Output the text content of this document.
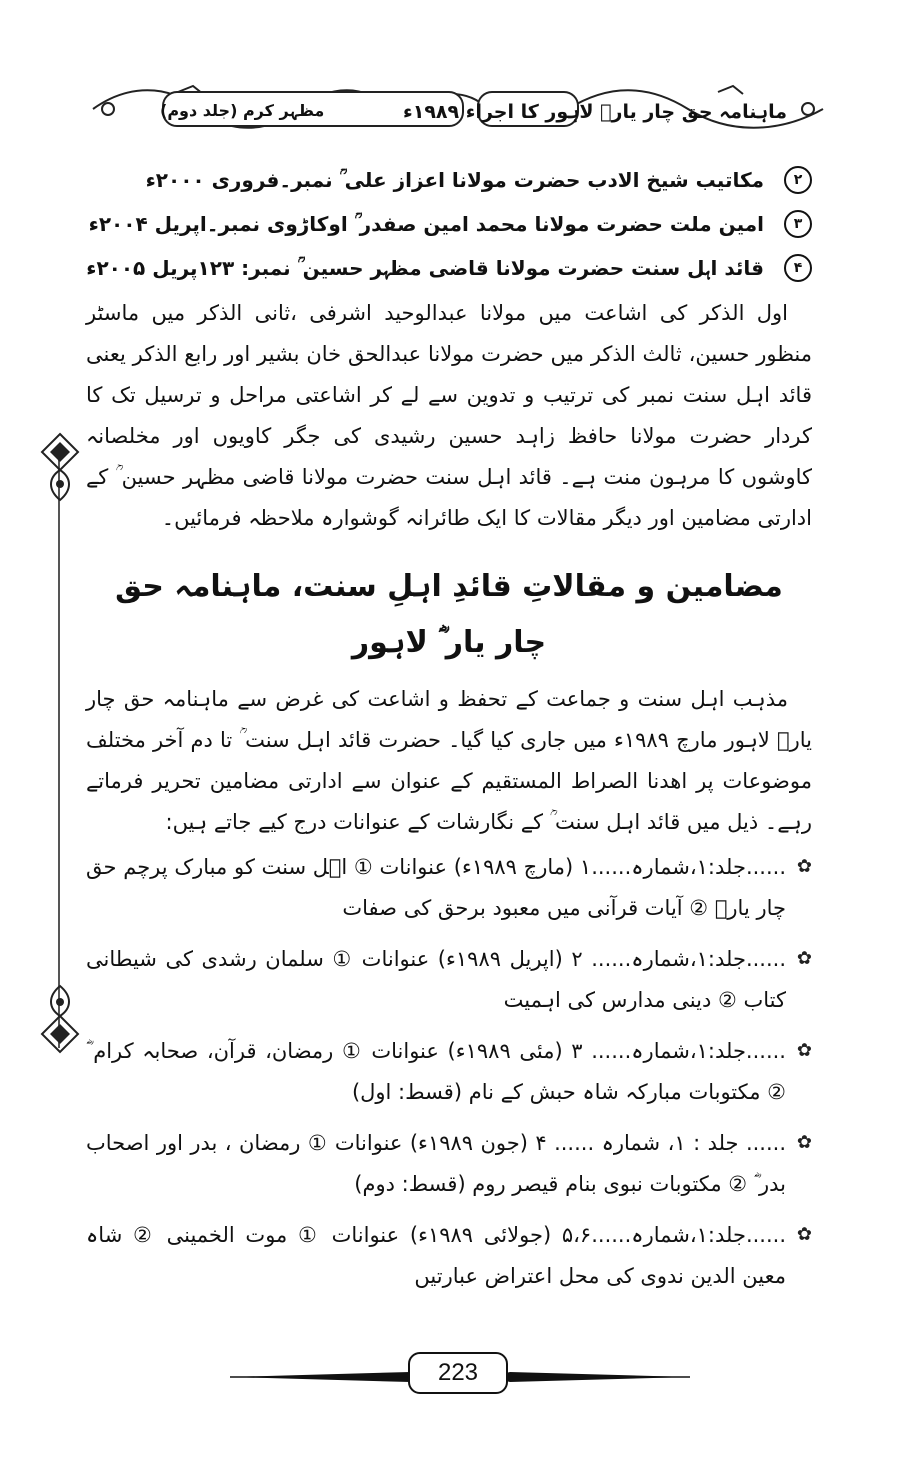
ماہنامہ حق چار یارؓ لاہور کا اجراء ۱۹۸۹ء
مظہر کرم (جلد دوم)
۲
مکاتیب شیخ الادب حضرت مولانا اعزاز علی ؒ نمبر۔فروری ۲۰۰۰ء
۳
امین ملت حضرت مولانا محمد امین صفدر ؒ اوکاڑوی نمبر۔اپریل ۲۰۰۴ء
۴
قائد اہل سنت حضرت مولانا قاضی مظہر حسین ؒ نمبر: ۱۲۳پریل ۲۰۰۵ء

اول الذکر کی اشاعت میں مولانا عبدالوحید اشرفی ،ثانی الذکر میں ماسٹر منظور حسین، ثالث الذکر میں حضرت مولانا عبدالحق خان بشیر اور رابع الذکر یعنی قائد اہل سنت نمبر کی ترتیب و تدوین سے لے کر اشاعتی مراحل و ترسیل تک کا کردار حضرت مولانا حافظ زاہد حسین رشیدی کی جگر کاویوں اور مخلصانہ کاوشوں کا مرہون منت ہے۔ قائد اہل سنت حضرت مولانا قاضی مظہر حسین ؒ کے ادارتی مضامین اور دیگر مقالات کا ایک طائرانہ گوشوارہ ملاحظہ فرمائیں۔

مضامین و مقالاتِ قائدِ اہلِ سنت، ماہنامہ حق چار یار ؓ لاہور

مذہب اہل سنت و جماعت کے تحفظ و اشاعت کی غرض سے ماہنامہ حق چار یارؓ لاہور مارچ ۱۹۸۹ء میں جاری کیا گیا۔ حضرت قائد اہل سنت ؒ تا دم آخر مختلف موضوعات پر اھدنا الصراط المستقیم کے عنوان سے ادارتی مضامین تحریر فرماتے رہے۔ ذیل میں قائد اہل سنت ؒ کے نگارشات کے عنوانات درج کیے جاتے ہیں:

✿
......جلد:۱،شمارہ......۱ (مارچ ۱۹۸۹ء) عنوانات ① اہل سنت کو مبارک پرچم حق چار یارؓ ② آیات قرآنی میں معبود برحق کی صفات
✿
......جلد:۱،شمارہ...... ۲ (اپریل ۱۹۸۹ء) عنوانات ① سلمان رشدی کی شیطانی کتاب ② دینی مدارس کی اہمیت
✿
......جلد:۱،شمارہ...... ۳ (مئی ۱۹۸۹ء) عنوانات ① رمضان، قرآن، صحابہ کرام ؓ ② مکتوبات مبارکہ شاہ حبش کے نام (قسط: اول)
✿
...... جلد : ۱، شمارہ ...... ۴ (جون ۱۹۸۹ء) عنوانات ① رمضان ، بدر اور اصحاب بدر ؓ ② مکتوبات نبوی بنام قیصر روم (قسط: دوم)
✿
......جلد:۱،شمارہ......۵،۶ (جولائی ۱۹۸۹ء) عنوانات ① موت الخمینی ② شاہ معین الدین ندوی کی محل اعتراض عبارتیں
223
